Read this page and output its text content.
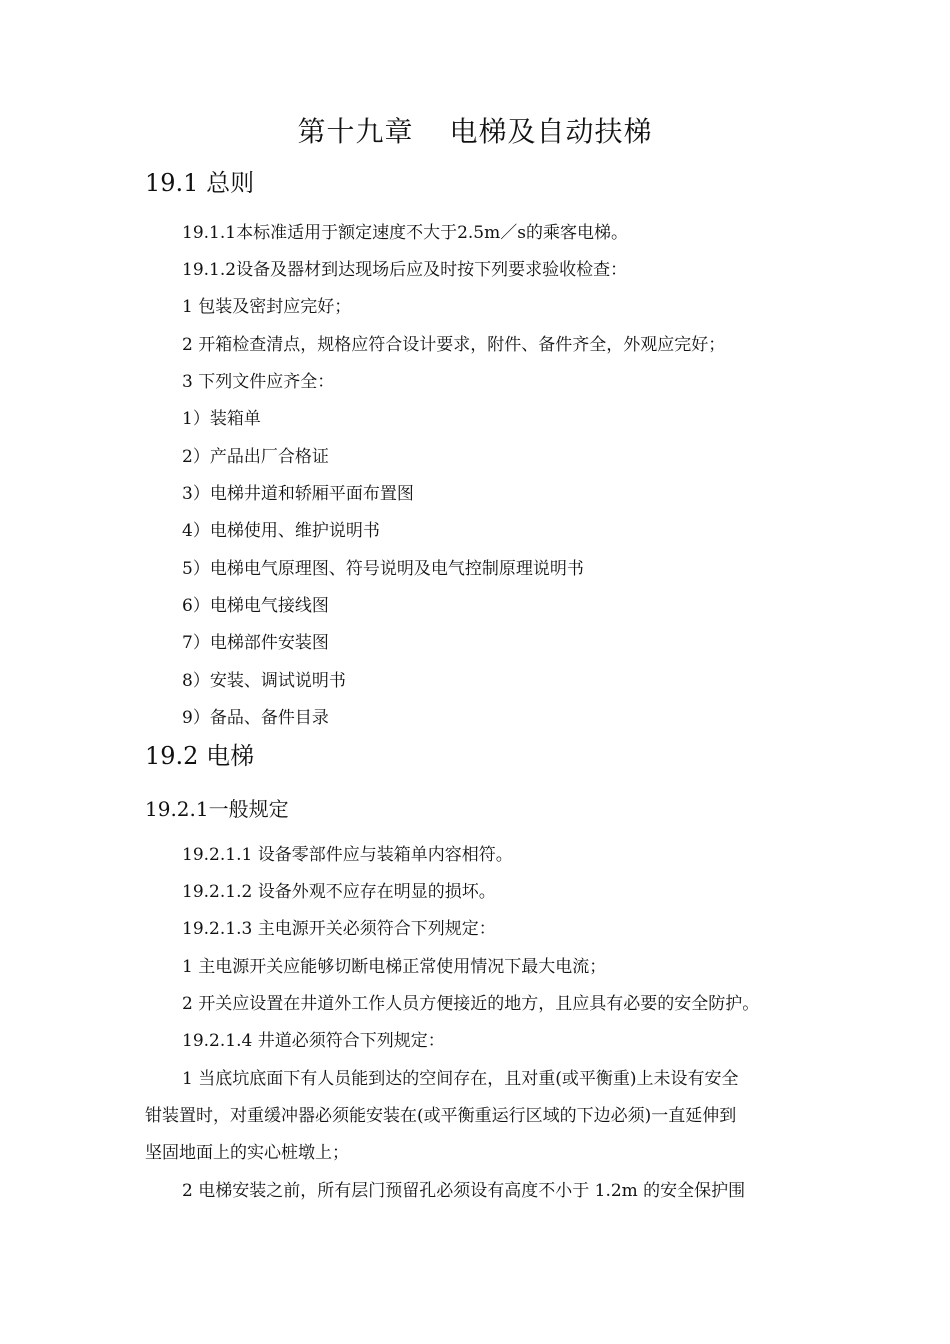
第十九章 电梯及自动扶梯
19.1 总则
19.1.1本标准适用于额定速度不大于2.5m／s的乘客电梯。
19.1.2设备及器材到达现场后应及时按下列要求验收检查：
1 包装及密封应完好；
2 开箱检查清点，规格应符合设计要求，附件、备件齐全，外观应完好；
3 下列文件应齐全：
1）装箱单
2）产品出厂合格证
3）电梯井道和轿厢平面布置图
4）电梯使用、维护说明书
5）电梯电气原理图、符号说明及电气控制原理说明书
6）电梯电气接线图
7）电梯部件安装图
8）安装、调试说明书
9）备品、备件目录
19.2 电梯
19.2.1一般规定
19.2.1.1 设备零部件应与装箱单内容相符。
19.2.1.2 设备外观不应存在明显的损坏。
19.2.1.3 主电源开关必须符合下列规定：
1 主电源开关应能够切断电梯正常使用情况下最大电流；
2 开关应设置在井道外工作人员方便接近的地方，且应具有必要的安全防护。
19.2.1.4 井道必须符合下列规定：
1 当底坑底面下有人员能到达的空间存在，且对重(或平衡重)上未设有安全
钳装置时，对重缓冲器必须能安装在(或平衡重运行区域的下边必须)一直延伸到
坚固地面上的实心桩墩上；
2 电梯安装之前，所有层门预留孔必须设有高度不小于 1.2m 的安全保护围
